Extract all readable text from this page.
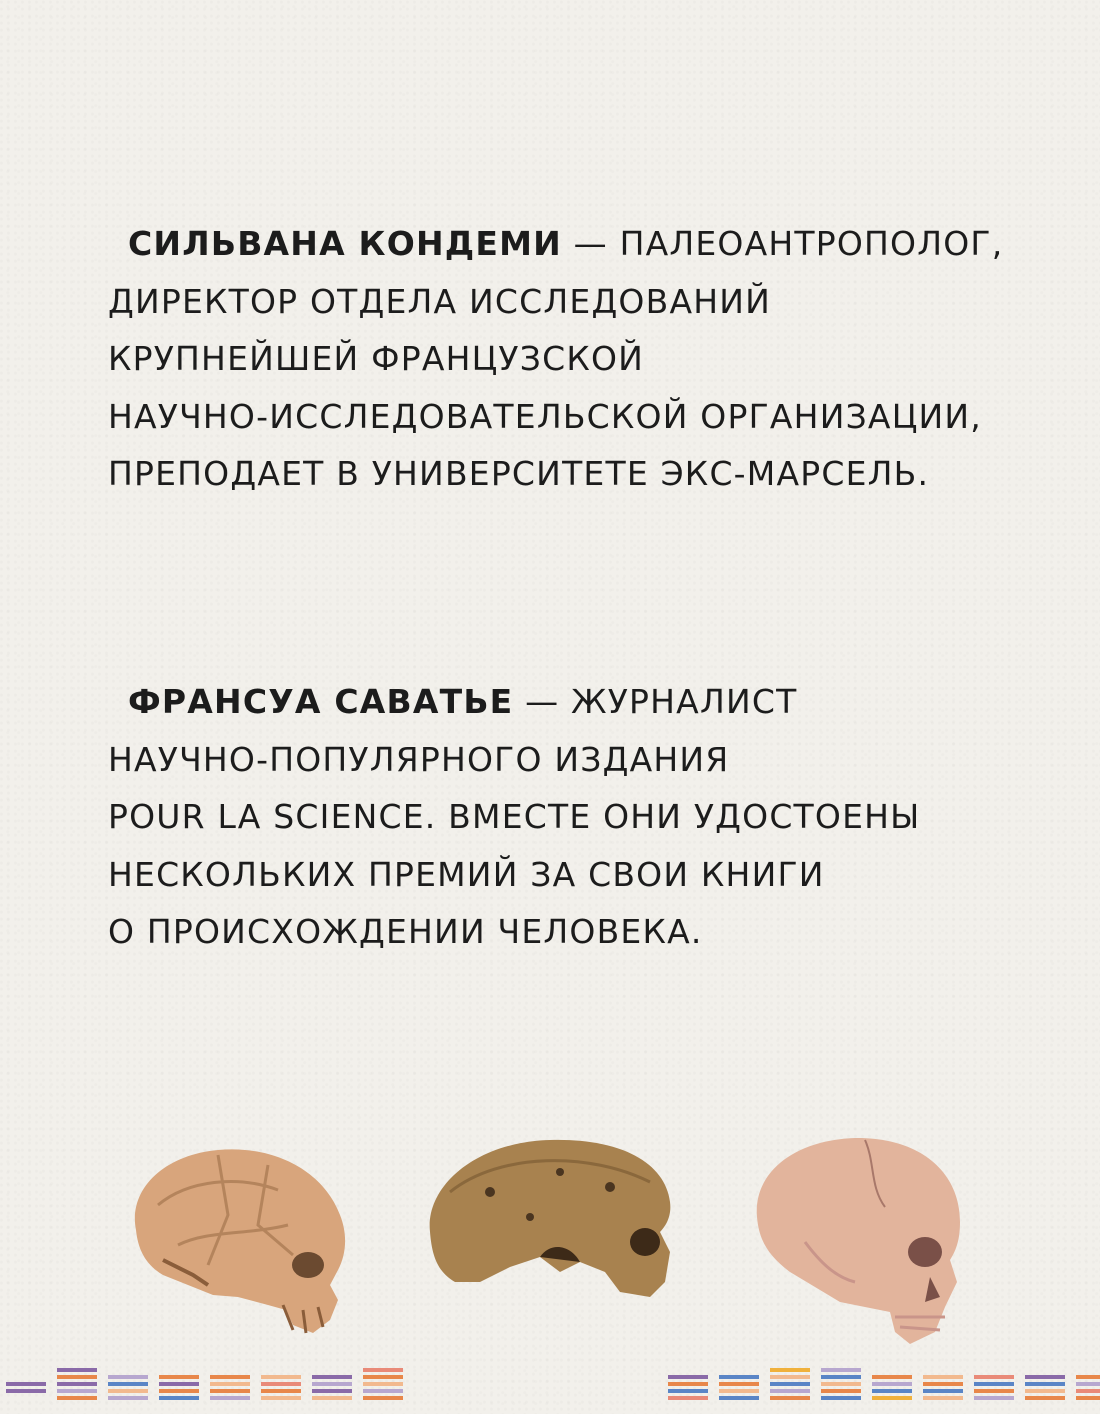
СИЛЬВАНА КОНДЕМИ — ПАЛЕОАНТРОПОЛОГ,

ДИРЕКТОР ОТДЕЛА ИССЛЕДОВАНИЙ

КРУПНЕЙШЕЙ ФРАНЦУЗСКОЙ

НАУЧНО-ИССЛЕДОВАТЕЛЬСКОЙ ОРГАНИЗАЦИИ,

ПРЕПОДАЕТ В УНИВЕРСИТЕТЕ ЭКС-МАРСЕЛЬ.

ФРАНСУА САВАТЬЕ — ЖУРНАЛИСТ

НАУЧНО-ПОПУЛЯРНОГО ИЗДАНИЯ

POUR LA SCIENCE. ВМЕСТЕ ОНИ УДОСТОЕНЫ

НЕСКОЛЬКИХ ПРЕМИЙ ЗА СВОИ КНИГИ

О ПРОИСХОЖДЕНИИ ЧЕЛОВЕКА.
